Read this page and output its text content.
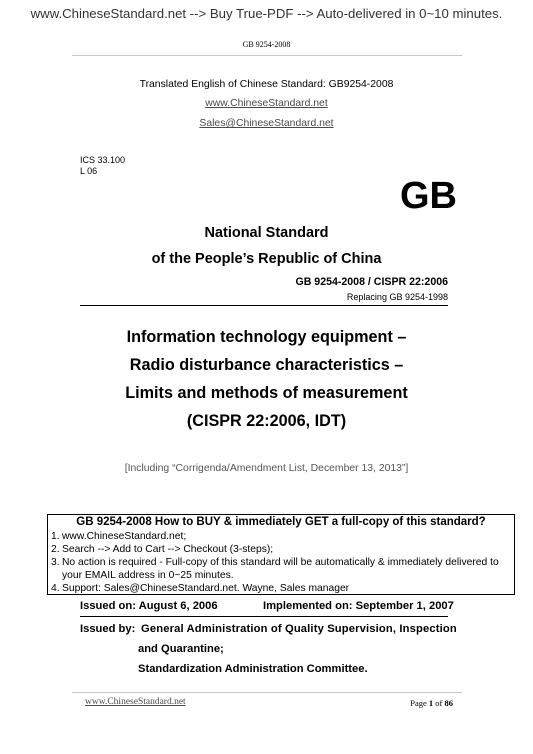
www.ChineseStandard.net --> Buy True-PDF --> Auto-delivered in 0~10 minutes.
GB 9254-2008
Translated English of Chinese Standard: GB9254-2008
www.ChineseStandard.net
Sales@ChineseStandard.net
ICS 33.100
L 06
GB
National Standard
of the People’s Republic of China
GB 9254-2008 / CISPR 22:2006
Replacing GB 9254-1998
Information technology equipment –
Radio disturbance characteristics –
Limits and methods of measurement
(CISPR 22:2006, IDT)
[Including “Corrigenda/Amendment List, December 13, 2013”]
GB 9254-2008 How to BUY & immediately GET a full-copy of this standard?
1. www.ChineseStandard.net;
2. Search --> Add to Cart --> Checkout (3-steps);
3. No action is required - Full-copy of this standard will be automatically & immediately delivered to
your EMAIL address in 0~25 minutes.
4. Support: Sales@ChineseStandard.net. Wayne, Sales manager
Issued on: August 6, 2006	Implemented on: September 1, 2007
Issued by: General Administration of Quality Supervision, Inspection
and Quarantine;
Standardization Administration Committee.
www.ChineseStandard.net	Page 1 of 86
